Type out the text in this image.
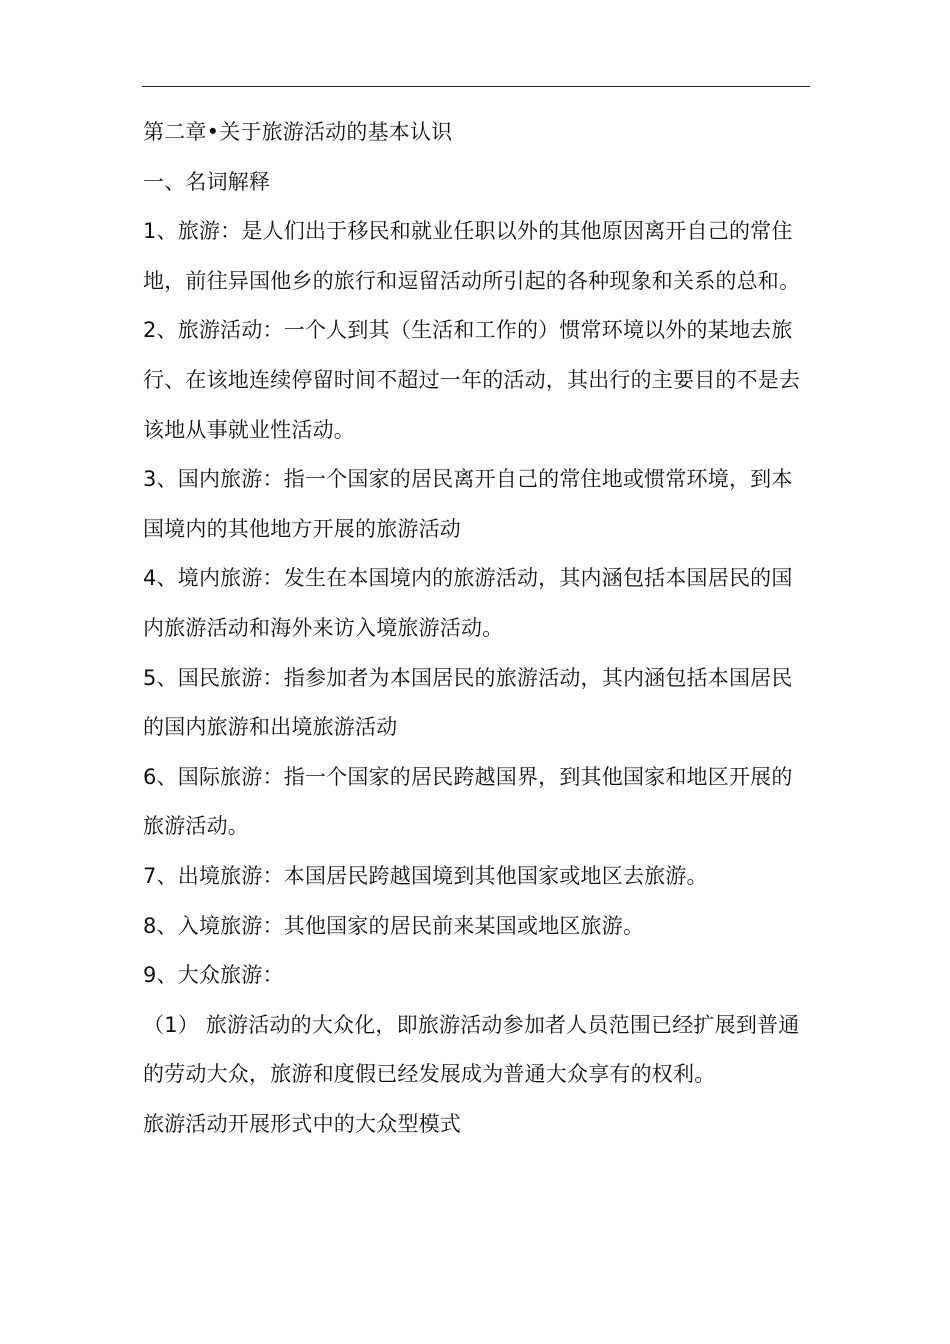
第二章•关于旅游活动的基本认识

一、名词解释

1、旅游：是人们出于移民和就业任职以外的其他原因离开自己的常住地，前往异国他乡的旅行和逗留活动所引起的各种现象和关系的总和。

2、旅游活动：一个人到其（生活和工作的）惯常环境以外的某地去旅行、在该地连续停留时间不超过一年的活动，其出行的主要目的不是去该地从事就业性活动。

3、国内旅游：指一个国家的居民离开自己的常住地或惯常环境，到本国境内的其他地方开展的旅游活动

4、境内旅游：发生在本国境内的旅游活动，其内涵包括本国居民的国内旅游活动和海外来访入境旅游活动。

5、国民旅游：指参加者为本国居民的旅游活动，其内涵包括本国居民的国内旅游和出境旅游活动

6、国际旅游：指一个国家的居民跨越国界，到其他国家和地区开展的旅游活动。

7、出境旅游：本国居民跨越国境到其他国家或地区去旅游。

8、入境旅游：其他国家的居民前来某国或地区旅游。

9、大众旅游：

（1） 旅游活动的大众化，即旅游活动参加者人员范围已经扩展到普通的劳动大众，旅游和度假已经发展成为普通大众享有的权利。

旅游活动开展形式中的大众型模式
